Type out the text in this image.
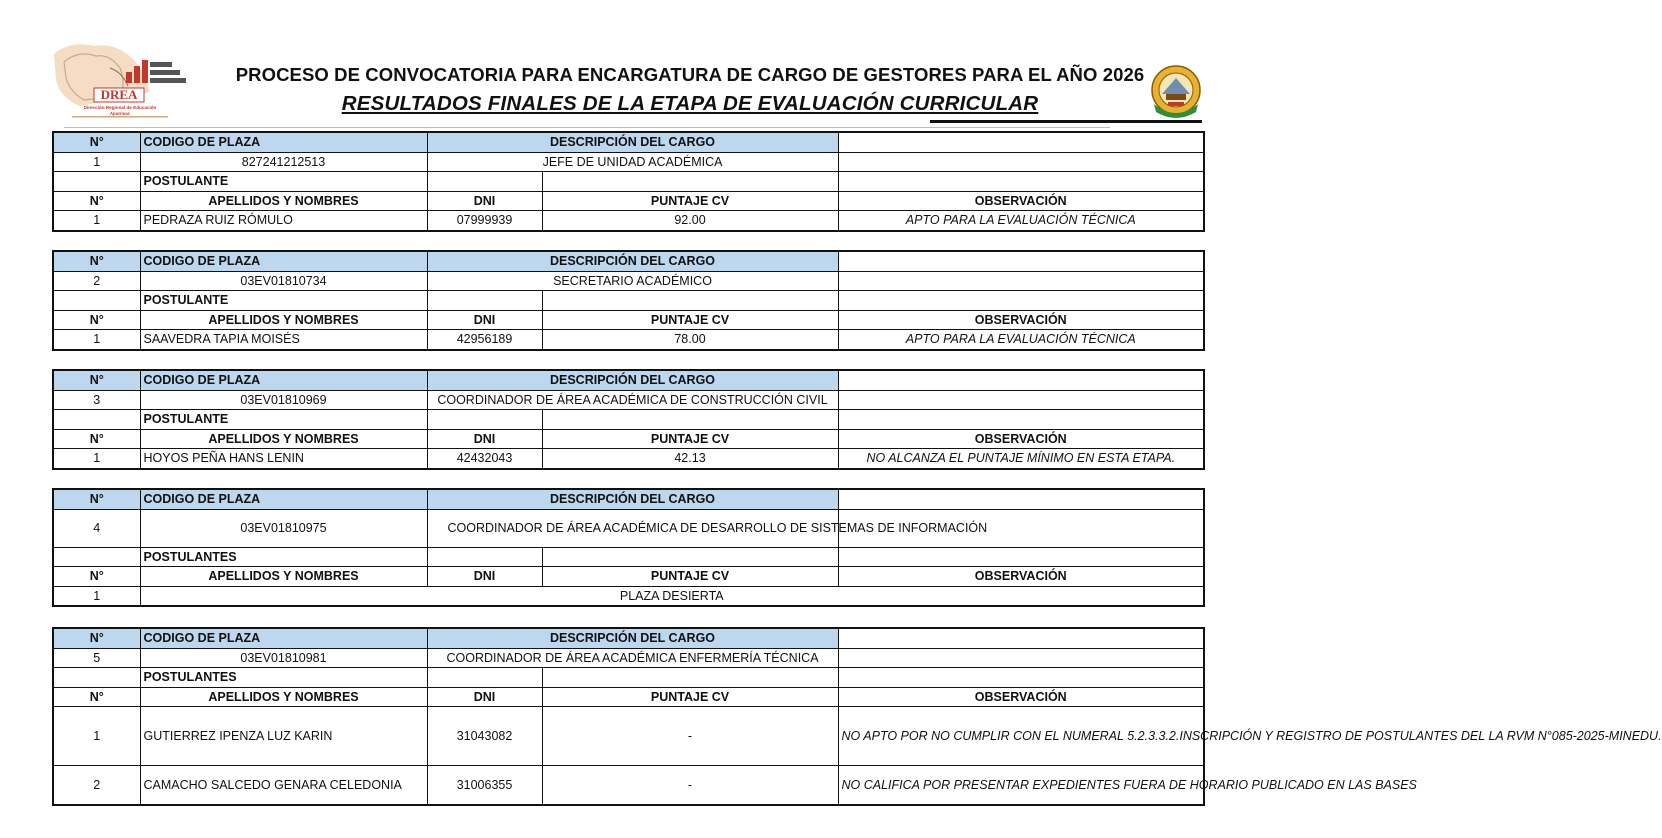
DREA
Dirección Regional de Educación
Apurímac
PROCESO DE CONVOCATORIA PARA ENCARGATURA DE CARGO DE GESTORES PARA EL AÑO 2026
RESULTADOS FINALES DE LA ETAPA DE EVALUACIÓN CURRICULAR
N°	CODIGO DE PLAZA	DESCRIPCIÓN DEL CARGO		
1	827241212513	JEFE DE UNIDAD ACADÉMICA		
	POSTULANTE			
N°	APELLIDOS Y NOMBRES	DNI	PUNTAJE CV	OBSERVACIÓN
1	PEDRAZA RUIZ RÓMULO	07999939	92.00	APTO PARA LA EVALUACIÓN TÉCNICA
N°	CODIGO DE PLAZA	DESCRIPCIÓN DEL CARGO		
2	03EV01810734	SECRETARIO ACADÉMICO		
	POSTULANTE			
N°	APELLIDOS Y NOMBRES	DNI	PUNTAJE CV	OBSERVACIÓN
1	SAAVEDRA TAPIA MOISÉS	42956189	78.00	APTO PARA LA EVALUACIÓN TÉCNICA
N°	CODIGO DE PLAZA	DESCRIPCIÓN DEL CARGO		
3	03EV01810969	COORDINADOR DE ÁREA ACADÉMICA DE CONSTRUCCIÓN CIVIL		
	POSTULANTE			
N°	APELLIDOS Y NOMBRES	DNI	PUNTAJE CV	OBSERVACIÓN
1	HOYOS PEÑA HANS LENIN	42432043	42.13	NO ALCANZA EL PUNTAJE MÍNIMO EN ESTA ETAPA.
N°	CODIGO DE PLAZA	DESCRIPCIÓN DEL CARGO		
4	03EV01810975	COORDINADOR DE ÁREA ACADÉMICA DE DESARROLLO DE SISTEMAS DE INFORMACIÓN		
	POSTULANTES			
N°	APELLIDOS Y NOMBRES	DNI	PUNTAJE CV	OBSERVACIÓN
1	PLAZA DESIERTA			
N°	CODIGO DE PLAZA	DESCRIPCIÓN DEL CARGO		
5	03EV01810981	COORDINADOR DE ÁREA ACADÉMICA ENFERMERÍA TÉCNICA		
	POSTULANTES			
N°	APELLIDOS Y NOMBRES	DNI	PUNTAJE CV	OBSERVACIÓN
1	GUTIERREZ IPENZA LUZ KARIN	31043082	-	NO APTO POR NO CUMPLIR CON EL NUMERAL 5.2.3.3.2.INSCRIPCIÓN Y REGISTRO DE POSTULANTES DEL LA RVM N°085-2025-MINEDU.
2	CAMACHO SALCEDO GENARA CELEDONIA	31006355	-	NO CALIFICA POR PRESENTAR EXPEDIENTES FUERA DE HORARIO PUBLICADO EN LAS BASES
